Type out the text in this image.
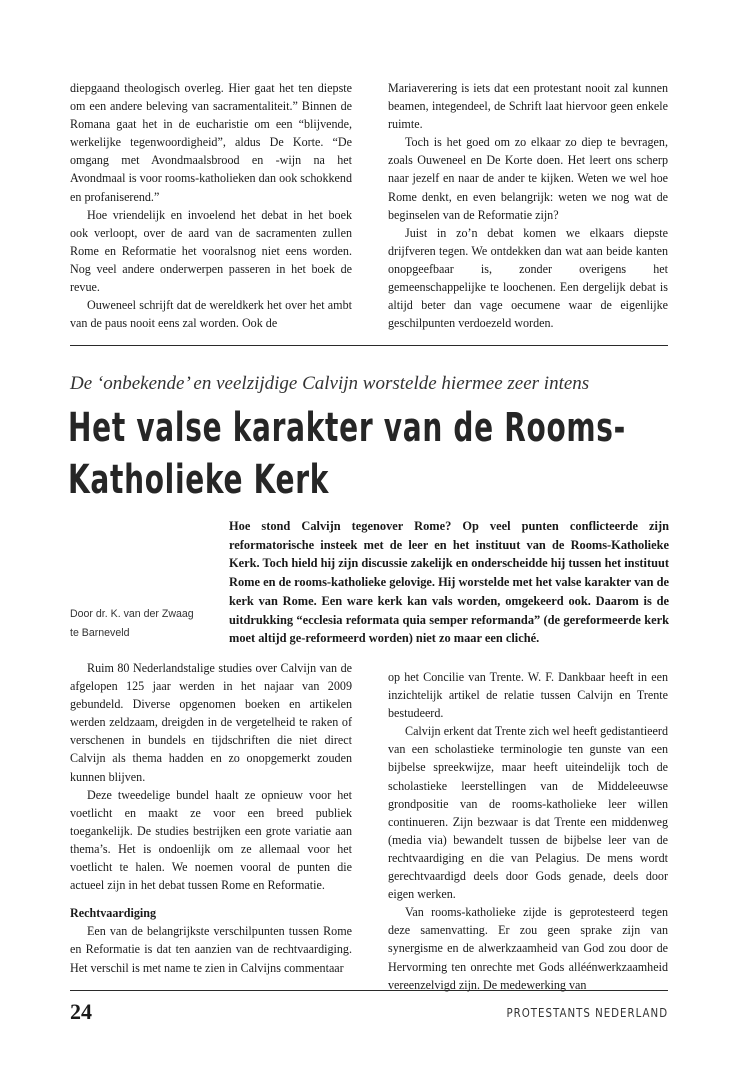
diepgaand theologisch overleg. Hier gaat het ten diepste om een andere beleving van sacramentaliteit.” Binnen de Romana gaat het in de eucharistie om een “blijvende, werkelijke tegenwoordigheid”, aldus De Korte. “De omgang met Avondmaalsbrood en -wijn na het Avondmaal is voor rooms-katholieken dan ook schokkend en profaniserend.”

Hoe vriendelijk en invoelend het debat in het boek ook verloopt, over de aard van de sacramenten zullen Rome en Reformatie het vooralsnog niet eens worden. Nog veel andere onderwerpen passeren in het boek de revue.

Ouweneel schrijft dat de wereldkerk het over het ambt van de paus nooit eens zal worden. Ook de

Mariaverering is iets dat een protestant nooit zal kunnen beamen, integendeel, de Schrift laat hiervoor geen enkele ruimte.

Toch is het goed om zo elkaar zo diep te bevragen, zoals Ouweneel en De Korte doen. Het leert ons scherp naar jezelf en naar de ander te kijken. Weten we wel hoe Rome denkt, en even belangrijk: weten we nog wat de beginselen van de Reformatie zijn?

Juist in zo’n debat komen we elkaars diepste drijfveren tegen. We ontdekken dan wat aan beide kanten onopgeefbaar is, zonder overigens het gemeenschappelijke te loochenen. Een dergelijk debat is altijd beter dan vage oecumene waar de eigenlijke geschilpunten verdoezeld worden.

De ‘onbekende’ en veelzijdige Calvijn worstelde hiermee zeer intens
Het valse karakter van de Rooms-Katholieke Kerk
Hoe stond Calvijn tegenover Rome? Op veel punten conflicteerde zijn reformatorische insteek met de leer en het instituut van de Rooms-Katholieke Kerk. Toch hield hij zijn discussie zakelijk en onderscheidde hij tussen het instituut Rome en de rooms-katholieke gelovige. Hij worstelde met het valse karakter van de kerk van Rome. Een ware kerk kan vals worden, omgekeerd ook. Daarom is de uitdrukking “ecclesia reformata quia semper reformanda” (de gereformeerde kerk moet altijd ge-reformeerd worden) niet zo maar een cliché.
Door dr. K. van der Zwaag
te Barneveld

Ruim 80 Nederlandstalige studies over Calvijn van de afgelopen 125 jaar werden in het najaar van 2009 gebundeld. Diverse opgenomen boeken en artikelen werden zeldzaam, dreigden in de vergetelheid te raken of verschenen in bundels en tijdschriften die niet direct Calvijn als thema hadden en zo onopgemerkt zouden kunnen blijven.

Deze tweedelige bundel haalt ze opnieuw voor het voetlicht en maakt ze voor een breed publiek toegankelijk. De studies bestrijken een grote variatie aan thema’s. Het is ondoenlijk om ze allemaal voor het voetlicht te halen. We noemen vooral de punten die actueel zijn in het debat tussen Rome en Reformatie.

Rechtvaardiging

Een van de belangrijkste verschilpunten tussen Rome en Reformatie is dat ten aanzien van de rechtvaardiging. Het verschil is met name te zien in Calvijns commentaar

op het Concilie van Trente. W. F. Dankbaar heeft in een inzichtelijk artikel de relatie tussen Calvijn en Trente bestudeerd.

Calvijn erkent dat Trente zich wel heeft gedistantieerd van een scholastieke terminologie ten gunste van een bijbelse spreekwijze, maar heeft uiteindelijk toch de scholastieke leerstellingen van de Middeleeuwse grondpositie van de rooms-katholieke leer willen continueren. Zijn bezwaar is dat Trente een middenweg (media via) bewandelt tussen de bijbelse leer van de rechtvaardiging en die van Pelagius. De mens wordt gerechtvaardigd deels door Gods genade, deels door eigen werken.

Van rooms-katholieke zijde is geprotesteerd tegen deze samenvatting. Er zou geen sprake zijn van synergisme en de alwerkzaamheid van God zou door de Hervorming ten onrechte met Gods alléénwerkzaamheid vereenzelvigd zijn. De medewerking van

24	PROTESTANTS NEDERLAND
